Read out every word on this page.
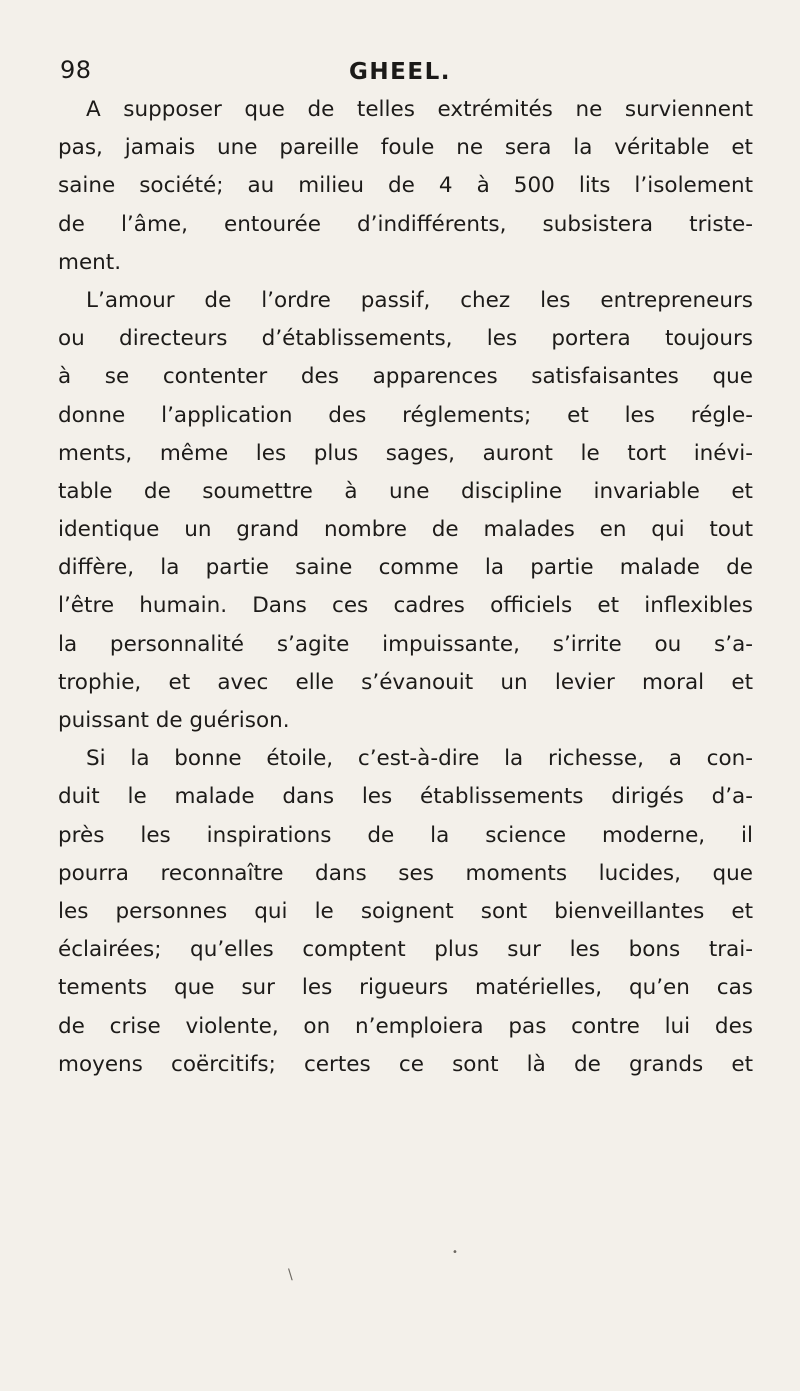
98	GHEEL.

A supposer que de telles extrémités ne surviennent
pas, jamais une pareille foule ne sera la véritable et
saine société; au milieu de 4 à 500 lits l’isolement
de l’âme, entourée d’indifférents, subsistera triste-
ment.

L’amour de l’ordre passif, chez les entrepreneurs
ou directeurs d’établissements, les portera toujours
à se contenter des apparences satisfaisantes que
donne l’application des réglements; et les régle-
ments, même les plus sages, auront le tort inévi-
table de soumettre à une discipline invariable et
identique un grand nombre de malades en qui tout
diffère, la partie saine comme la partie malade de
l’être humain. Dans ces cadres officiels et inflexibles
la personnalité s’agite impuissante, s’irrite ou s’a-
trophie, et avec elle s’évanouit un levier moral et
puissant de guérison.

Si la bonne étoile, c’est-à-dire la richesse, a con-
duit le malade dans les établissements dirigés d’a-
près les inspirations de la science moderne, il
pourra reconnaître dans ses moments lucides, que
les personnes qui le soignent sont bienveillantes et
éclairées; qu’elles comptent plus sur les bons trai-
tements que sur les rigueurs matérielles, qu’en cas
de crise violente, on n’emploiera pas contre lui des
moyens coërcitifs; certes ce sont là de grands et

\
•
